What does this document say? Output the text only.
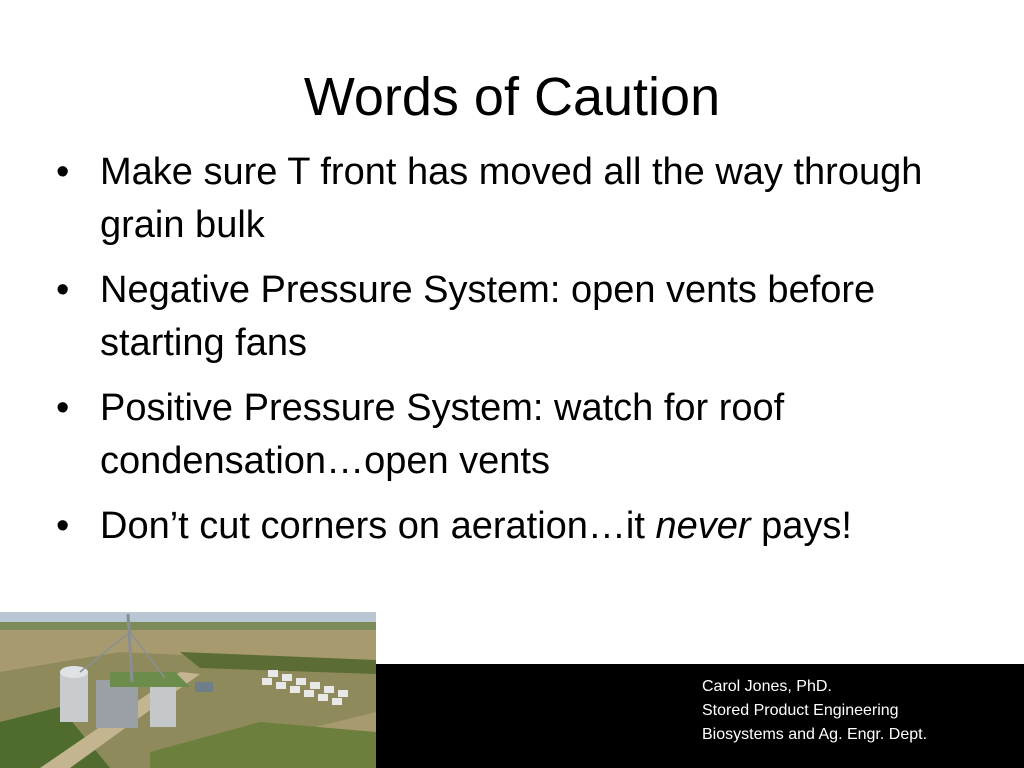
Words of Caution
• Make sure T front has moved all the way through grain bulk
• Negative Pressure System: open vents before starting fans
• Positive Pressure System: watch for roof condensation…open vents
• Don’t cut corners on aeration…it never pays!
Carol Jones, PhD.
Stored Product Engineering
Biosystems and Ag. Engr. Dept.
